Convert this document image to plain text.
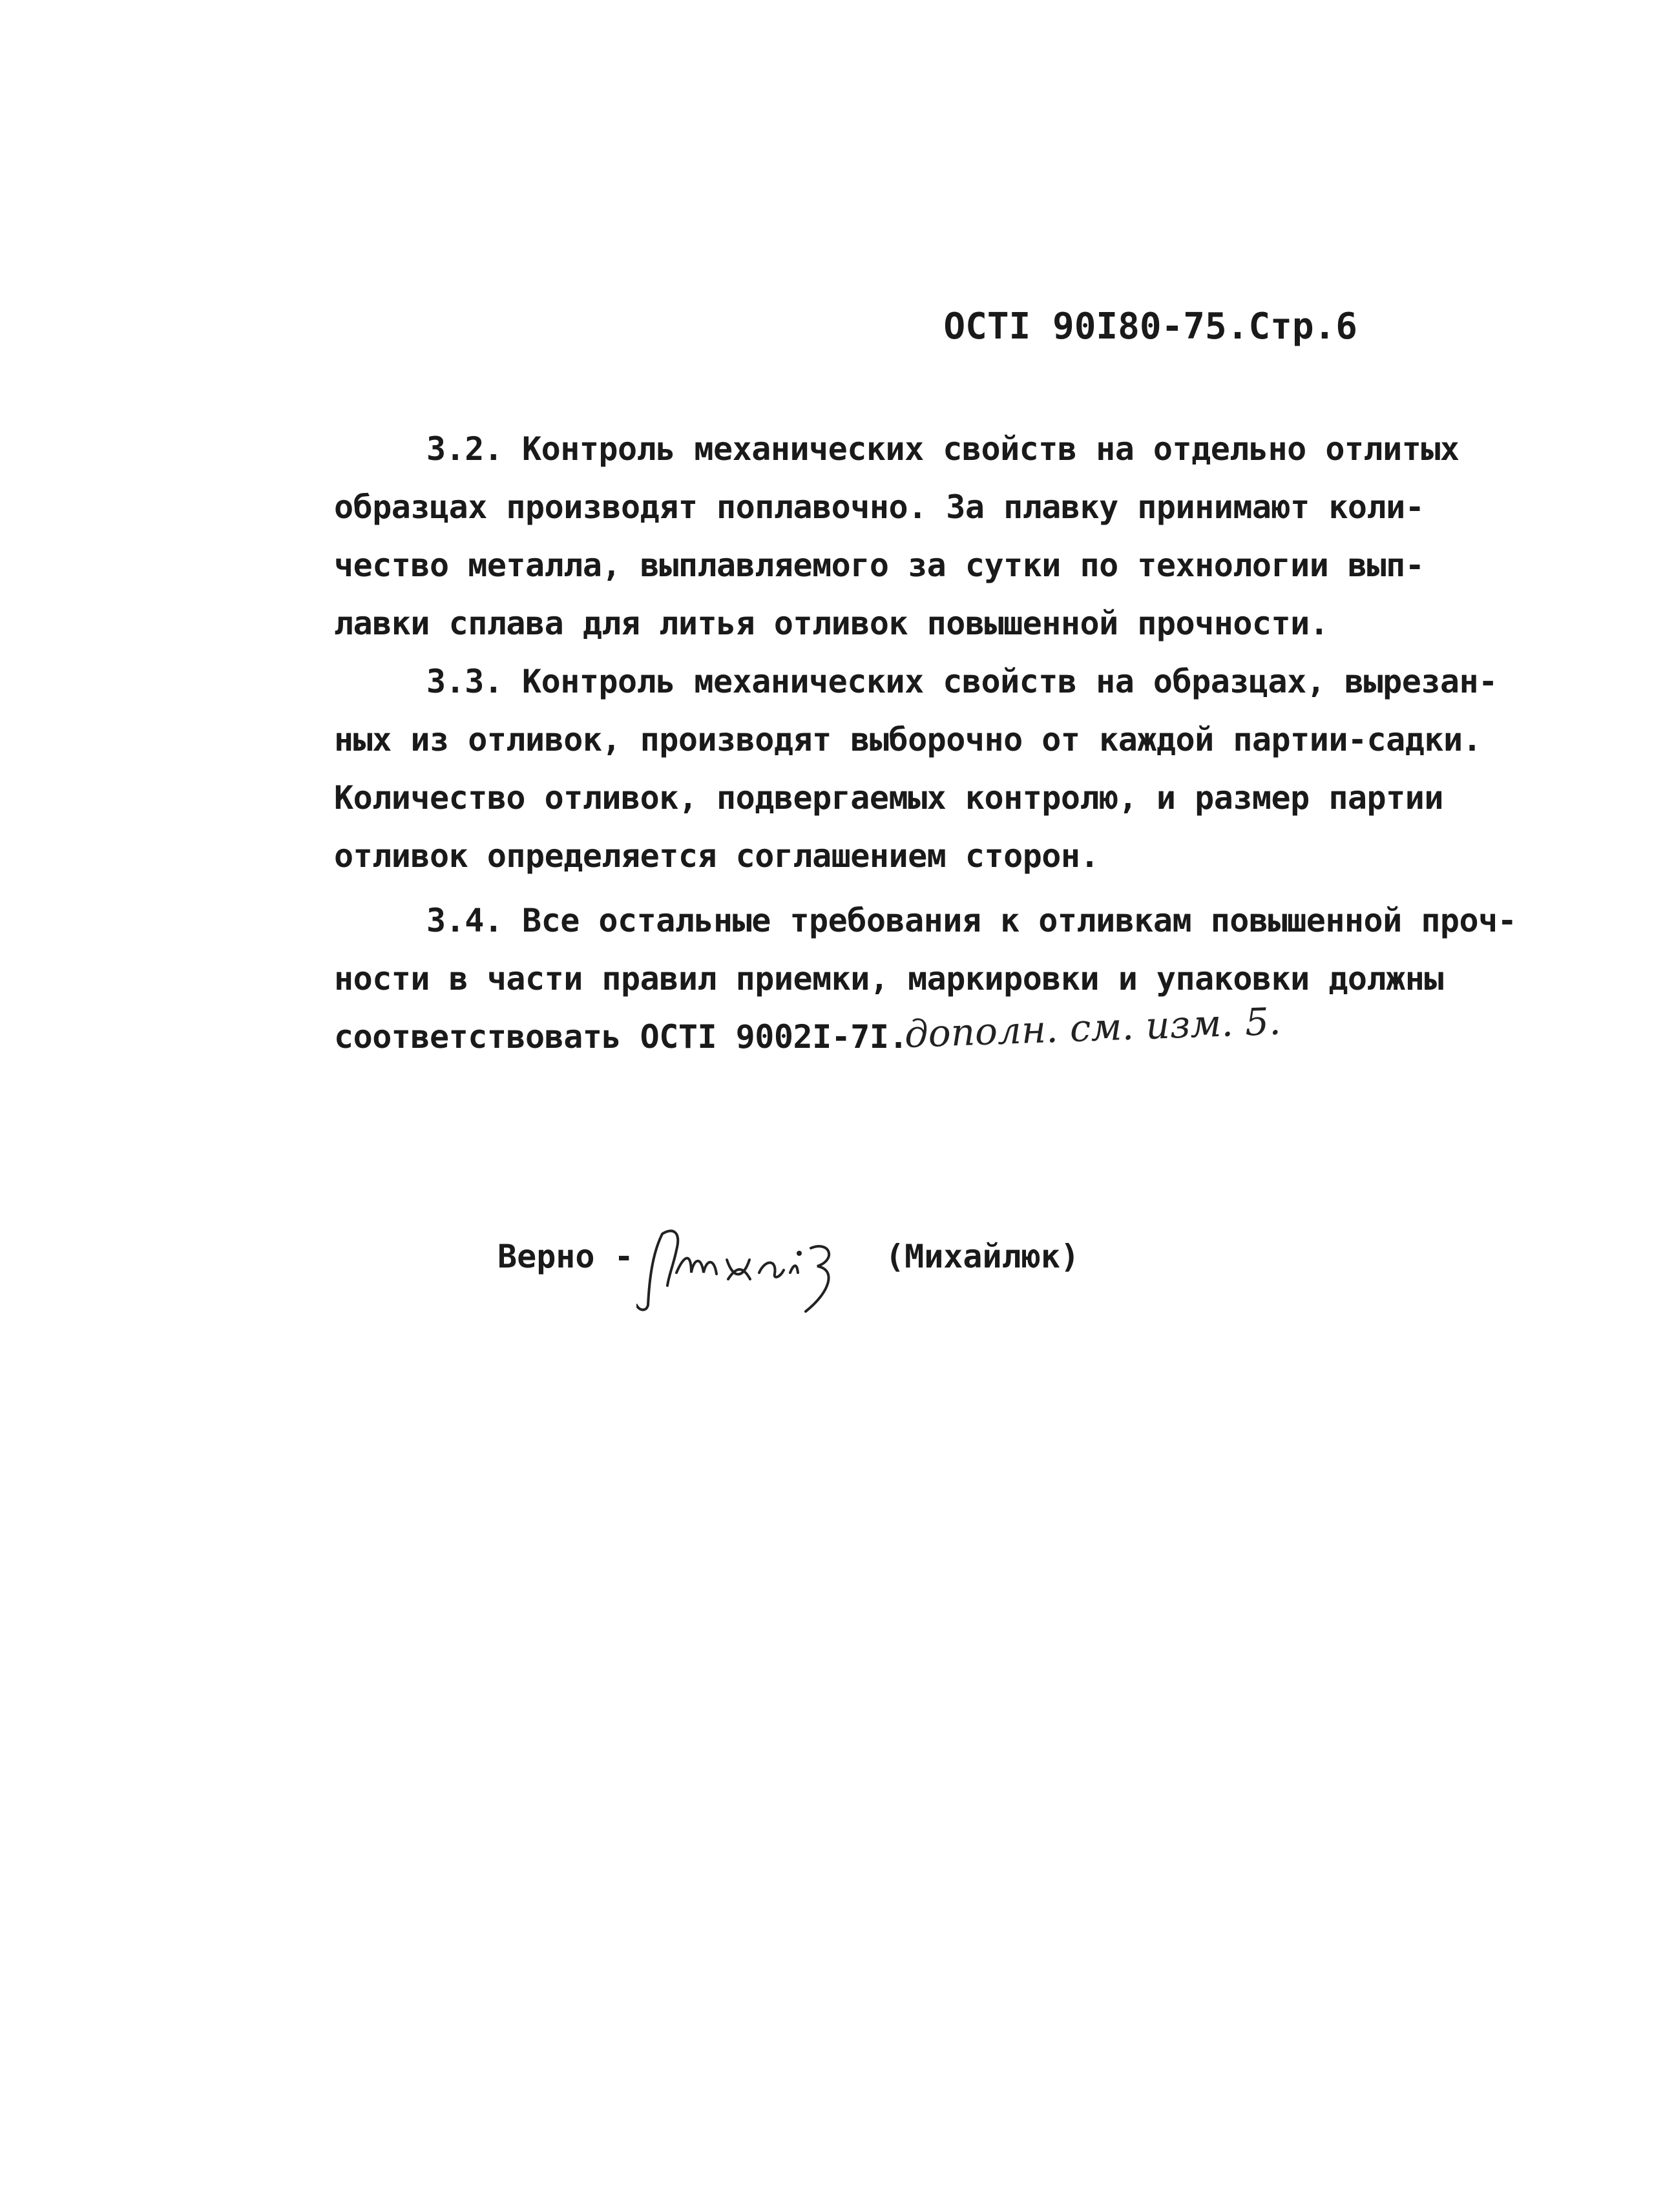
ОСТI 90I80-75.Стр.6
3.2. Контроль механических свойств на отдельно отлитых
образцах производят поплавочно. За плавку принимают коли-
чество металла, выплавляемого за сутки по технологии вып-
лавки сплава для литья отливок повышенной прочности.
3.3. Контроль механических свойств на образцах, вырезан-
ных из отливок, производят выборочно от каждой партии-садки.
Количество отливок, подвергаемых контролю, и размер партии
отливок определяется соглашением сторон.
3.4. Все остальные требования к отливкам повышенной проч-
ности в части правил приемки, маркировки и упаковки должны
соответствовать ОСТI 9002I-7I.
дополн. см. изм. 5.
Верно -	(Михайлюк)
